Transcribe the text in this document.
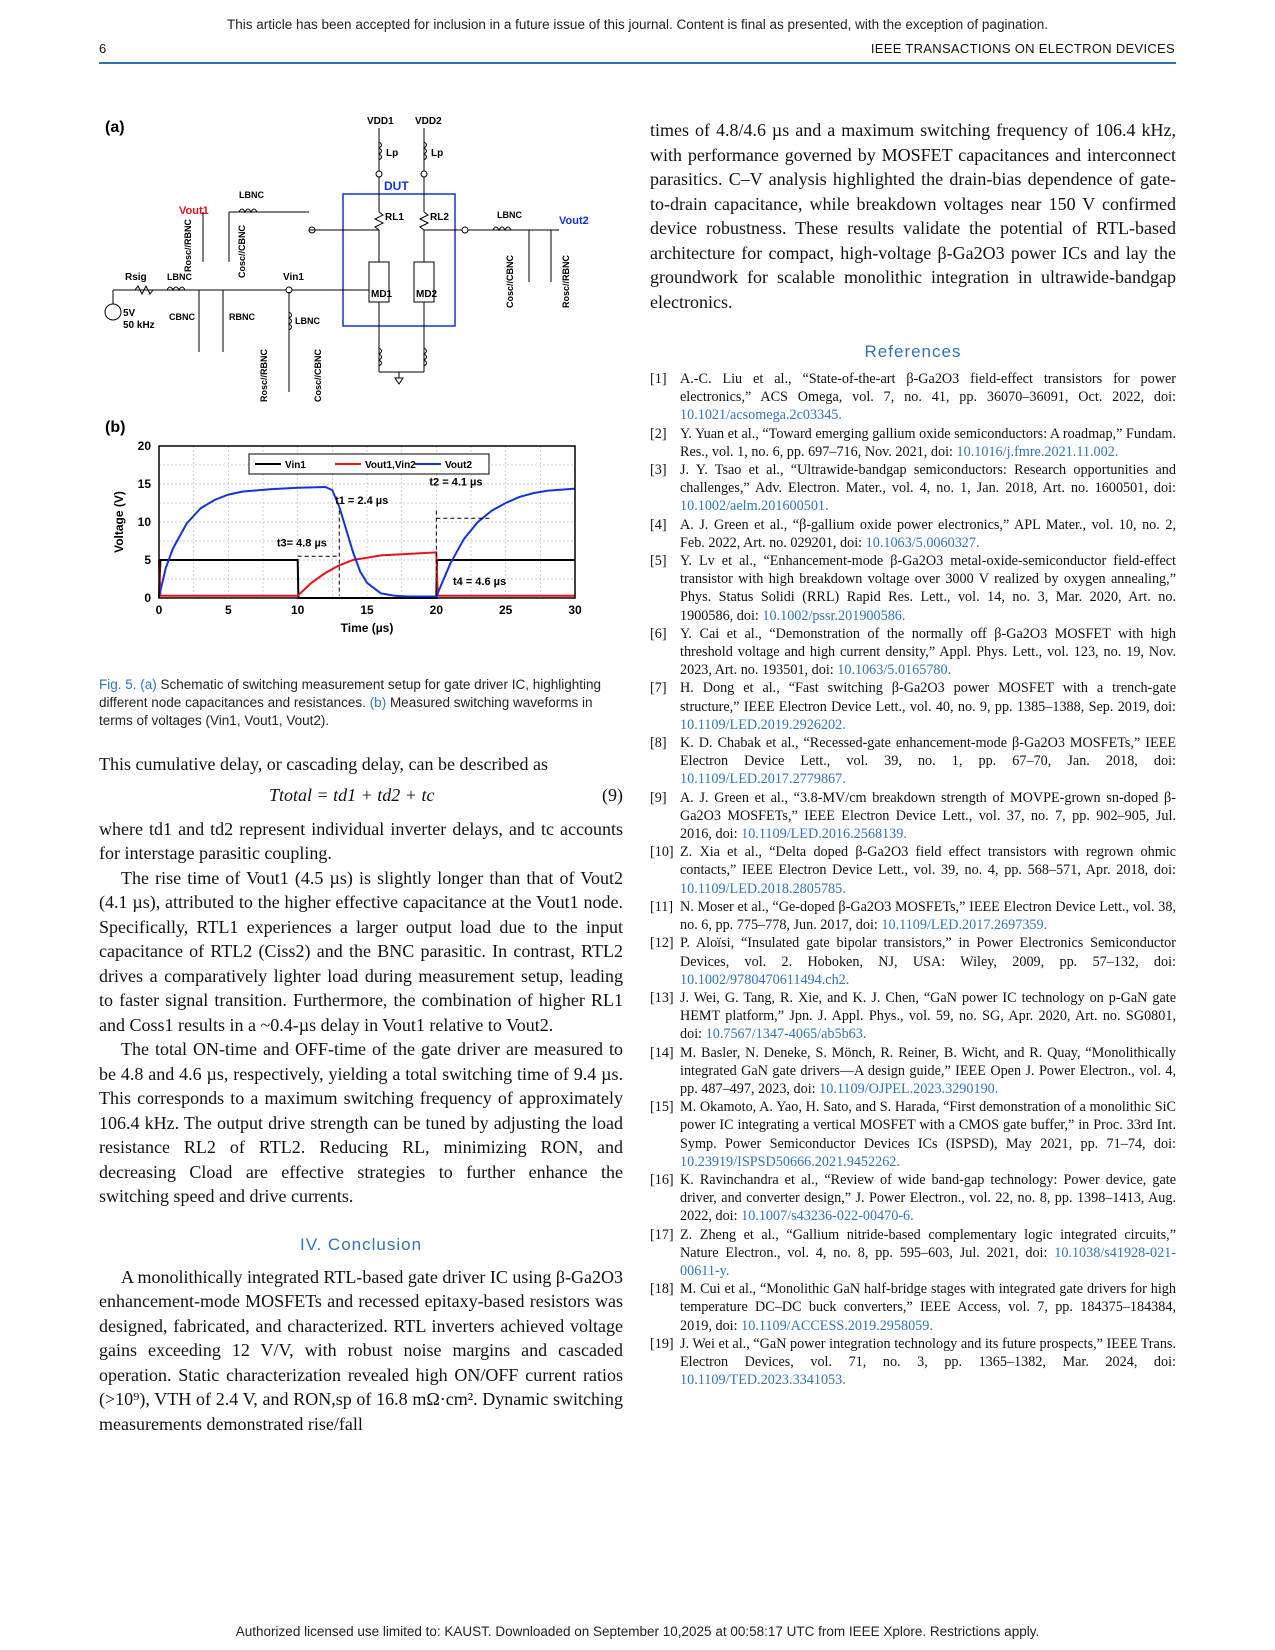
This article has been accepted for inclusion in a future issue of this journal. Content is final as presented, with the exception of pagination.
6	IEEE TRANSACTIONS ON ELECTRON DEVICES
(a)
DUT
VDD1 VDD2
Lp	Lp
RL1	RL2
MD1 MD2
LBNC
Vout1
Rosc//RBNC	Cosc//CBNC	Vin1
Rsig LBNC
5V
50 kHz
CBNC	RBNC	LBNC
Rosc//RBNC	Cosc//CBNC
LBNC	Vout2
Cosc//CBNC	Rosc//RBNC
(b)
0	5	10	15	20	25	30
0
5
10
15
20
Time (µs)
Voltage (V)
Vin1	Vout1,Vin2	Vout2
t1 = 2.4 µs
t2 = 4.1 µs
t3= 4.8 µs
t4 = 4.6 µs
Fig. 5. (a) Schematic of switching measurement setup for gate driver IC, highlighting different node capacitances and resistances. (b) Measured switching waveforms in terms of voltages (Vin1, Vout1, Vout2).

This cumulative delay, or cascading delay, can be described as

Ttotal = td1 + td2 + tc	(9)

where td1 and td2 represent individual inverter delays, and tc accounts for interstage parasitic coupling.

The rise time of Vout1 (4.5 µs) is slightly longer than that of Vout2 (4.1 µs), attributed to the higher effective capacitance at the Vout1 node. Specifically, RTL1 experiences a larger output load due to the input capacitance of RTL2 (Ciss2) and the BNC parasitic. In contrast, RTL2 drives a comparatively lighter load during measurement setup, leading to faster signal transition. Furthermore, the combination of higher RL1 and Coss1 results in a ~0.4-µs delay in Vout1 relative to Vout2.

The total ON-time and OFF-time of the gate driver are measured to be 4.8 and 4.6 µs, respectively, yielding a total switching time of 9.4 µs. This corresponds to a maximum switching frequency of approximately 106.4 kHz. The output drive strength can be tuned by adjusting the load resistance RL2 of RTL2. Reducing RL, minimizing RON, and decreasing Cload are effective strategies to further enhance the switching speed and drive currents.

IV. Conclusion

A monolithically integrated RTL-based gate driver IC using β-Ga2O3 enhancement-mode MOSFETs and recessed epitaxy-based resistors was designed, fabricated, and characterized. RTL inverters achieved voltage gains exceeding 12 V/V, with robust noise margins and cascaded operation. Static characterization revealed high ON/OFF current ratios (>10⁹), VTH of 2.4 V, and RON,sp of 16.8 mΩ·cm². Dynamic switching measurements demonstrated rise/fall

times of 4.8/4.6 µs and a maximum switching frequency of 106.4 kHz, with performance governed by MOSFET capacitances and interconnect parasitics. C–V analysis highlighted the drain-bias dependence of gate-to-drain capacitance, while breakdown voltages near 150 V confirmed device robustness. These results validate the potential of RTL-based architecture for compact, high-voltage β-Ga2O3 power ICs and lay the groundwork for scalable monolithic integration in ultrawide-bandgap electronics.

References
[1] A.-C. Liu et al., “State-of-the-art β-Ga2O3 field-effect transistors for power electronics,” ACS Omega, vol. 7, no. 41, pp. 36070–36091, Oct. 2022, doi: 10.1021/acsomega.2c03345.
[2] Y. Yuan et al., “Toward emerging gallium oxide semiconductors: A roadmap,” Fundam. Res., vol. 1, no. 6, pp. 697–716, Nov. 2021, doi: 10.1016/j.fmre.2021.11.002.
[3] J. Y. Tsao et al., “Ultrawide-bandgap semiconductors: Research opportunities and challenges,” Adv. Electron. Mater., vol. 4, no. 1, Jan. 2018, Art. no. 1600501, doi: 10.1002/aelm.201600501.
[4] A. J. Green et al., “β-gallium oxide power electronics,” APL Mater., vol. 10, no. 2, Feb. 2022, Art. no. 029201, doi: 10.1063/5.0060327.
[5] Y. Lv et al., “Enhancement-mode β-Ga2O3 metal-oxide-semiconductor field-effect transistor with high breakdown voltage over 3000 V realized by oxygen annealing,” Phys. Status Solidi (RRL) Rapid Res. Lett., vol. 14, no. 3, Mar. 2020, Art. no. 1900586, doi: 10.1002/pssr.201900586.
[6] Y. Cai et al., “Demonstration of the normally off β-Ga2O3 MOSFET with high threshold voltage and high current density,” Appl. Phys. Lett., vol. 123, no. 19, Nov. 2023, Art. no. 193501, doi: 10.1063/5.0165780.
[7] H. Dong et al., “Fast switching β-Ga2O3 power MOSFET with a trench-gate structure,” IEEE Electron Device Lett., vol. 40, no. 9, pp. 1385–1388, Sep. 2019, doi: 10.1109/LED.2019.2926202.
[8] K. D. Chabak et al., “Recessed-gate enhancement-mode β-Ga2O3 MOSFETs,” IEEE Electron Device Lett., vol. 39, no. 1, pp. 67–70, Jan. 2018, doi: 10.1109/LED.2017.2779867.
[9] A. J. Green et al., “3.8-MV/cm breakdown strength of MOVPE-grown sn-doped β-Ga2O3 MOSFETs,” IEEE Electron Device Lett., vol. 37, no. 7, pp. 902–905, Jul. 2016, doi: 10.1109/LED.2016.2568139.
[10] Z. Xia et al., “Delta doped β-Ga2O3 field effect transistors with regrown ohmic contacts,” IEEE Electron Device Lett., vol. 39, no. 4, pp. 568–571, Apr. 2018, doi: 10.1109/LED.2018.2805785.
[11] N. Moser et al., “Ge-doped β-Ga2O3 MOSFETs,” IEEE Electron Device Lett., vol. 38, no. 6, pp. 775–778, Jun. 2017, doi: 10.1109/LED.2017.2697359.
[12] P. Aloïsi, “Insulated gate bipolar transistors,” in Power Electronics Semiconductor Devices, vol. 2. Hoboken, NJ, USA: Wiley, 2009, pp. 57–132, doi: 10.1002/9780470611494.ch2.
[13] J. Wei, G. Tang, R. Xie, and K. J. Chen, “GaN power IC technology on p-GaN gate HEMT platform,” Jpn. J. Appl. Phys., vol. 59, no. SG, Apr. 2020, Art. no. SG0801, doi: 10.7567/1347-4065/ab5b63.
[14] M. Basler, N. Deneke, S. Mönch, R. Reiner, B. Wicht, and R. Quay, “Monolithically integrated GaN gate drivers—A design guide,” IEEE Open J. Power Electron., vol. 4, pp. 487–497, 2023, doi: 10.1109/OJPEL.2023.3290190.
[15] M. Okamoto, A. Yao, H. Sato, and S. Harada, “First demonstration of a monolithic SiC power IC integrating a vertical MOSFET with a CMOS gate buffer,” in Proc. 33rd Int. Symp. Power Semiconductor Devices ICs (ISPSD), May 2021, pp. 71–74, doi: 10.23919/ISPSD50666.2021.9452262.
[16] K. Ravinchandra et al., “Review of wide band-gap technology: Power device, gate driver, and converter design,” J. Power Electron., vol. 22, no. 8, pp. 1398–1413, Aug. 2022, doi: 10.1007/s43236-022-00470-6.
[17] Z. Zheng et al., “Gallium nitride-based complementary logic integrated circuits,” Nature Electron., vol. 4, no. 8, pp. 595–603, Jul. 2021, doi: 10.1038/s41928-021-00611-y.
[18] M. Cui et al., “Monolithic GaN half-bridge stages with integrated gate drivers for high temperature DC–DC buck converters,” IEEE Access, vol. 7, pp. 184375–184384, 2019, doi: 10.1109/ACCESS.2019.2958059.
[19] J. Wei et al., “GaN power integration technology and its future prospects,” IEEE Trans. Electron Devices, vol. 71, no. 3, pp. 1365–1382, Mar. 2024, doi: 10.1109/TED.2023.3341053.
Authorized licensed use limited to: KAUST. Downloaded on September 10,2025 at 00:58:17 UTC from IEEE Xplore. Restrictions apply.
